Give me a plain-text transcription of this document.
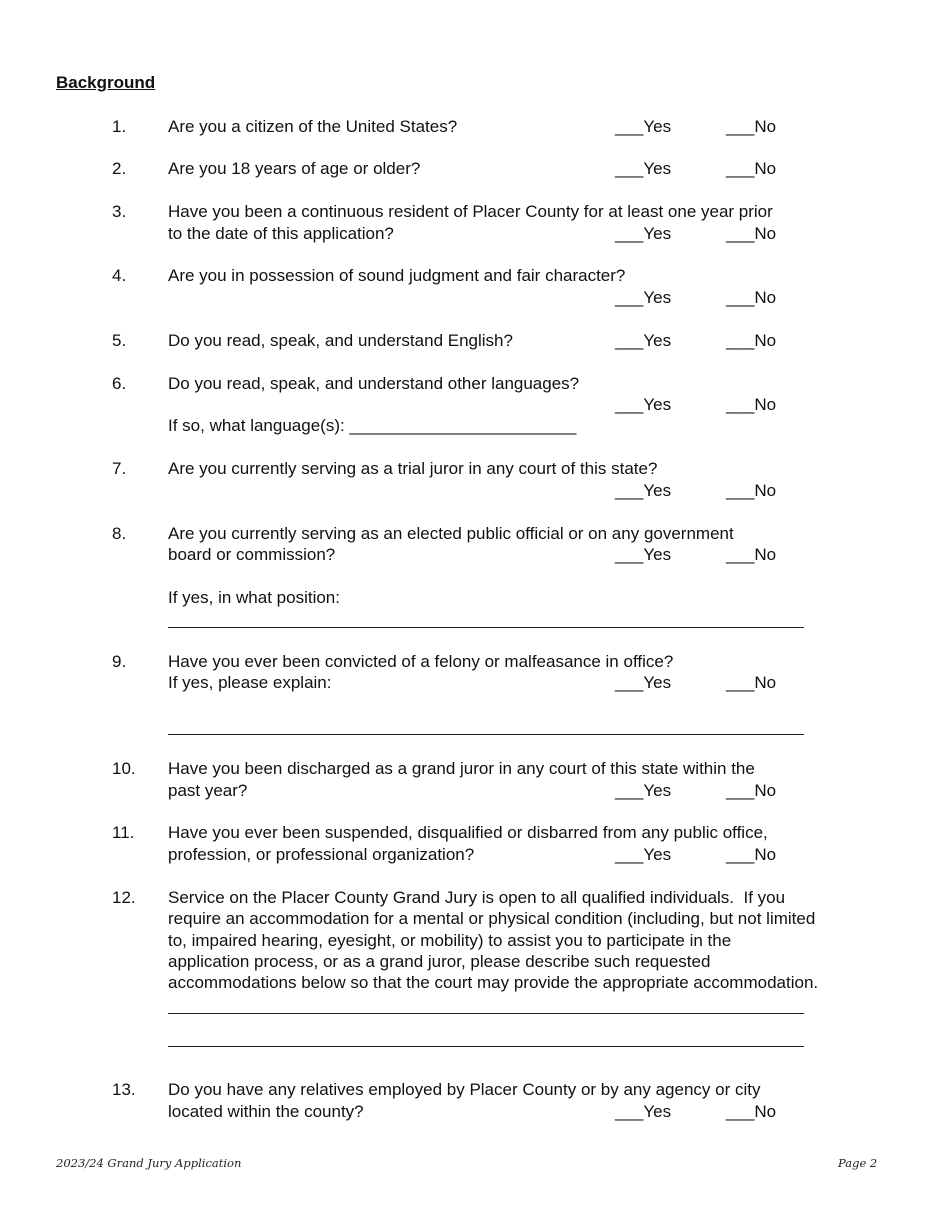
Background
1. Are you a citizen of the United States?	___Yes	___No
2. Are you 18 years of age or older?	___Yes	___No
3. Have you been a continuous resident of Placer County for at least one year prior
to the date of this application?	___Yes	___No
4. Are you in possession of sound judgment and fair character?
___Yes	___No
5. Do you read, speak, and understand English?	___Yes	___No
6. Do you read, speak, and understand other languages?
___Yes	___No
If so, what language(s): ________________________
7. Are you currently serving as a trial juror in any court of this state?
___Yes	___No
8. Are you currently serving as an elected public official or on any government
board or commission?	___Yes	___No
If yes, in what position:
9. Have you ever been convicted of a felony or malfeasance in office?
If yes, please explain:	___Yes	___No
10. Have you been discharged as a grand juror in any court of this state within the
past year?	___Yes	___No
11. Have you ever been suspended, disqualified or disbarred from any public office,
profession, or professional organization?	___Yes	___No
12. Service on the Placer County Grand Jury is open to all qualified individuals.  If you
require an accommodation for a mental or physical condition (including, but not limited
to, impaired hearing, eyesight, or mobility) to assist you to participate in the
application process, or as a grand juror, please describe such requested
accommodations below so that the court may provide the appropriate accommodation.
13. Do you have any relatives employed by Placer County or by any agency or city
located within the county?	___Yes	___No
2023/24 Grand Jury Application	Page 2
